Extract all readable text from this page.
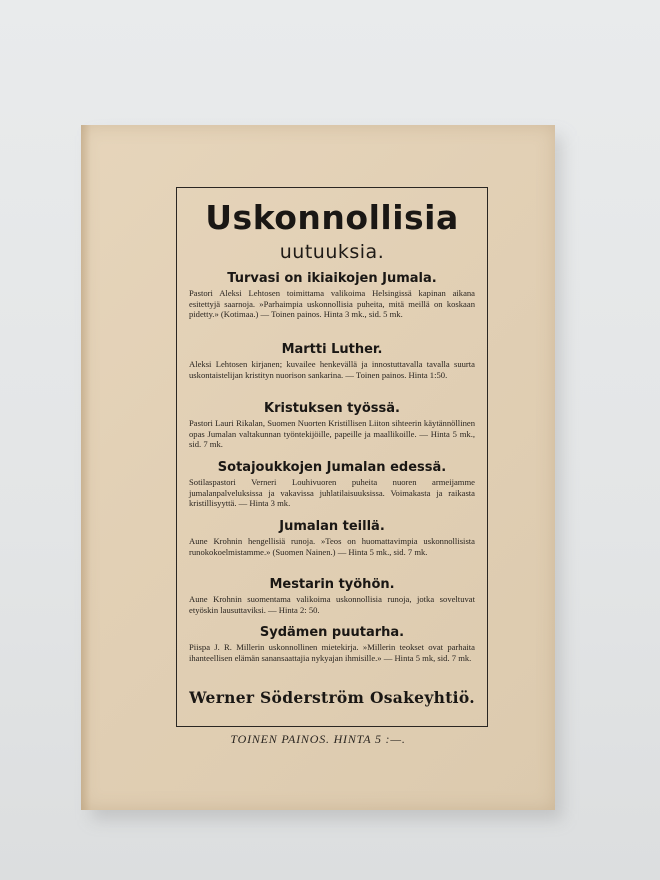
Uskonnollisia
uutuuksia.
Turvasi on ikiaikojen Jumala.

Pastori Aleksi Lehtosen toimittama valikoima Helsingissä kapinan aikana esitettyjä saarnoja. »Parhaimpia uskonnollisia puheita, mitä meillä on koskaan pidetty.» (Kotimaa.) — Toinen painos. Hinta 3 mk., sid. 5 mk.

Martti Luther.

Aleksi Lehtosen kirjanen; kuvailee henkevällä ja innostuttavalla tavalla suurta uskontaistelijan kristityn nuorison sankarina. — Toinen painos. Hinta 1:50.

Kristuksen työssä.

Pastori Lauri Rikalan, Suomen Nuorten Kristillisen Liiton sihteerin käytännöllinen opas Jumalan valtakunnan työntekijöille, papeille ja maallikoille. — Hinta 5 mk., sid. 7 mk.

Sotajoukkojen Jumalan edessä.

Sotilaspastori Verneri Louhivuoren puheita nuoren armeijamme jumalanpalveluksissa ja vakavissa juhlatilaisuuksissa. Voimakasta ja raikasta kristillisyyttä. — Hinta 3 mk.

Jumalan teillä.

Aune Krohnin hengellisiä runoja. »Teos on huomattavimpia uskonnollisista runokokoelmistamme.» (Suomen Nainen.) — Hinta 5 mk., sid. 7 mk.

Mestarin työhön.

Aune Krohnin suomentama valikoima uskonnollisia runoja, jotka soveltuvat etyöskin lausuttaviksi. — Hinta 2: 50.

Sydämen puutarha.

Piispa J. R. Millerin uskonnollinen mietekirja. »Millerin teokset ovat parhaita ihanteellisen elämän sanansaattajia nykyajan ihmisille.» — Hinta 5 mk, sid. 7 mk.

Werner Söderström Osakeyhtiö.
TOINEN PAINOS. HINTA 5 :—.
